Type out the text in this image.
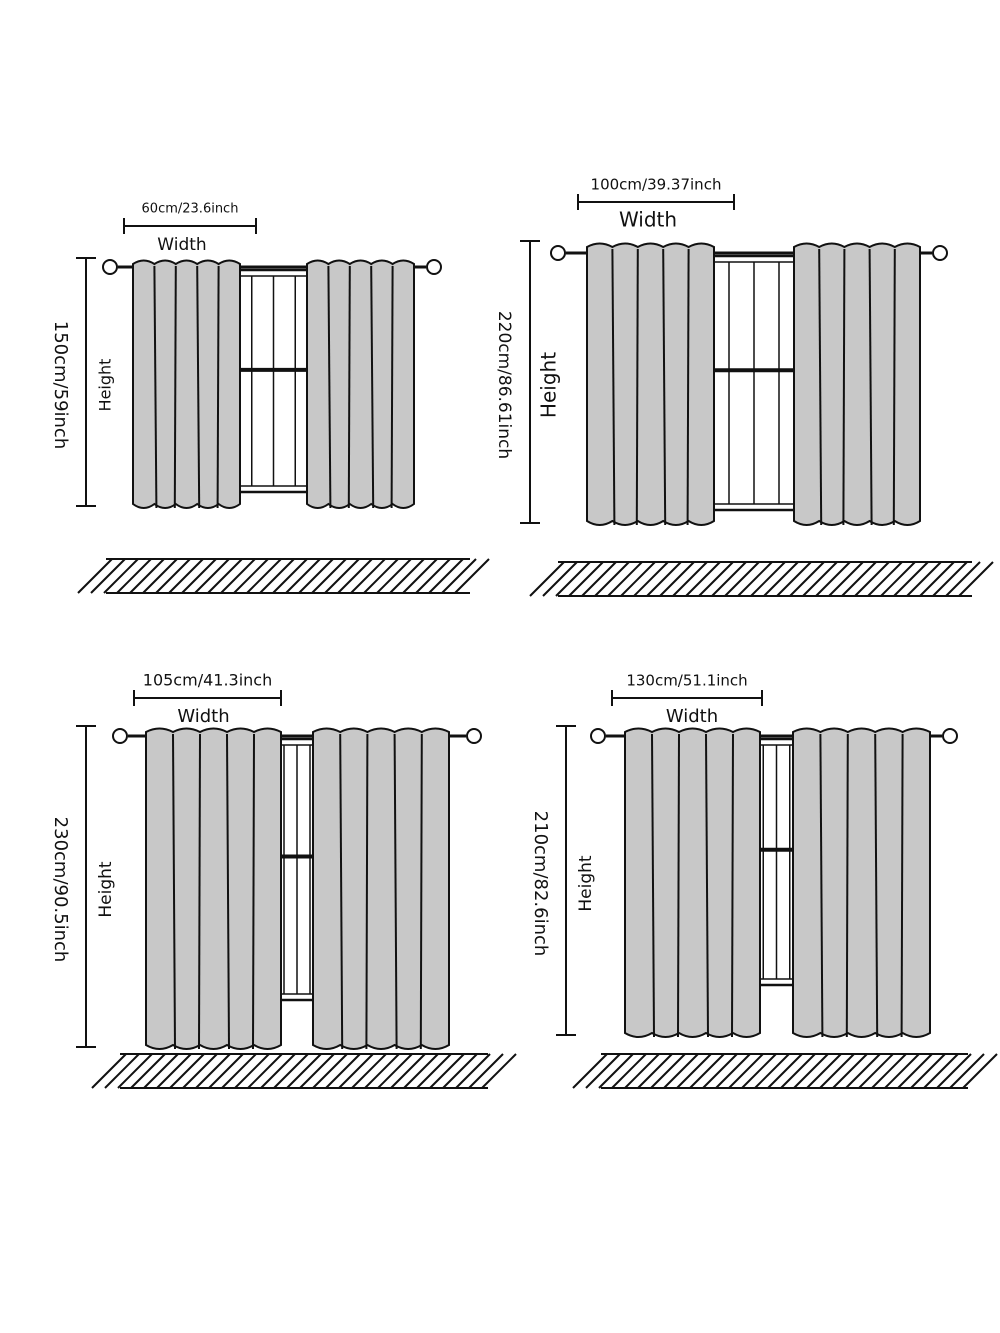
60cm/23.6inch
Width
150cm/59inch Height
100cm/39.37inch
Width
220cm/86.61inch Height
105cm/41.3inch
Width
230cm/90.5inch Height
130cm/51.1inch
Width
210cm/82.6inch Height
